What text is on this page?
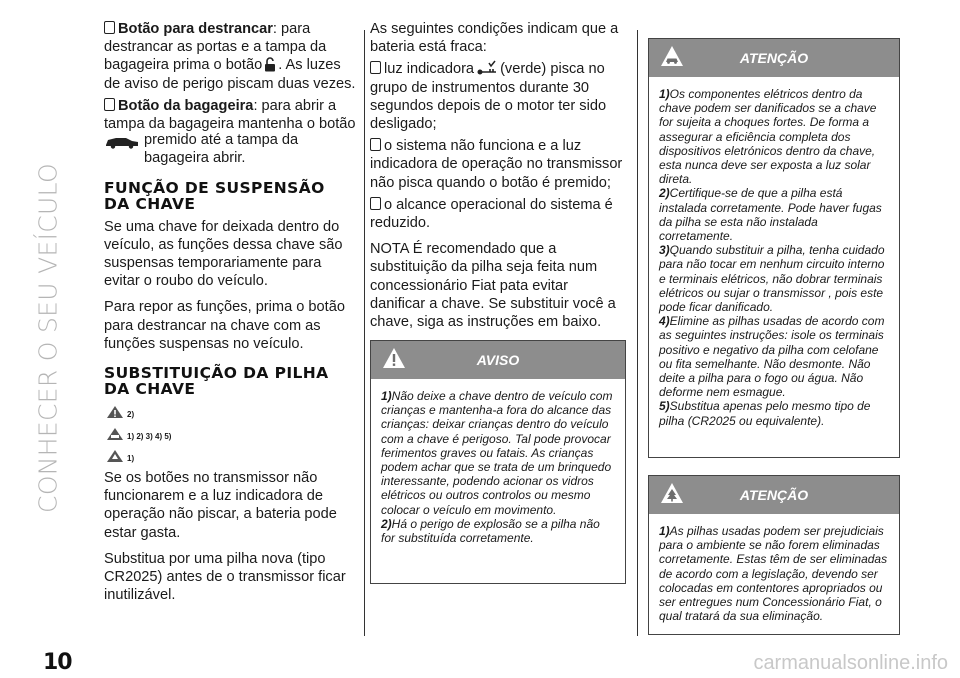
CONHECER O SEU VEÍCULO
10	carmanualsonline.info

Botão para destrancar: para destrancar as portas e a tampa da bagageira prima o botão . As luzes de aviso de perigo piscam duas vezes.

Botão da bagageira: para abrir a tampa da bagageira mantenha o botão
premido até a tampa da bagageira abrir.

FUNÇÃO DE SUSPENSÃO DA CHAVE

Se uma chave for deixada dentro do veículo, as funções dessa chave são suspensas temporariamente para evitar o roubo do veículo.

Para repor as funções, prima o botão para destrancar na chave com as funções suspensas no veículo.

SUBSTITUIÇÃO DA PILHA DA CHAVE
2)
1) 2) 3) 4) 5)
1)

Se os botões no transmissor não funcionarem e a luz indicadora de operação não piscar, a bateria pode estar gasta.

Substitua por uma pilha nova (tipo CR2025) antes de o transmissor ficar inutilizável.

As seguintes condições indicam que a bateria está fraca:

luz indicadora (verde) pisca no grupo de instrumentos durante 30 segundos depois de o motor ter sido desligado;

o sistema não funciona e a luz indicadora de operação no transmissor não pisca quando o botão é premido;

o alcance operacional do sistema é reduzido.

NOTA É recomendado que a substituição da pilha seja feita num concessionário Fiat pata evitar danificar a chave. Se substituir você a chave, siga as instruções em baixo.

AVISO
1)Não deixe a chave dentro de veículo com crianças e mantenha-a fora do alcance das crianças: deixar crianças dentro do veículo com a chave é perigoso. Tal pode provocar ferimentos graves ou fatais. As crianças podem achar que se trata de um brinquedo interessante, podendo acionar os vidros elétricos ou outros controlos ou mesmo colocar o veículo em movimento.
2)Há o perigo de explosão se a pilha não for substituída corretamente.
ATENÇÃO
1)Os componentes elétricos dentro da chave podem ser danificados se a chave for sujeita a choques fortes. De forma a assegurar a eficiência completa dos dispositivos eletrónicos dentro da chave, esta nunca deve ser exposta a luz solar direta.
2)Certifique-se de que a pilha está instalada corretamente. Pode haver fugas da pilha se esta não instalada corretamente.
3)Quando substituir a pilha, tenha cuidado para não tocar em nenhum circuito interno e terminais elétricos, não dobrar terminais elétricos ou sujar o transmissor , pois este pode ficar danificado.
4)Elimine as pilhas usadas de acordo com as seguintes instruções: isole os terminais positivo e negativo da pilha com celofane ou fita semelhante. Não desmonte. Não deite a pilha para o fogo ou água. Não deforme nem esmague.
5)Substitua apenas pelo mesmo tipo de pilha (CR2025 ou equivalente).
ATENÇÃO
1)As pilhas usadas podem ser prejudiciais para o ambiente se não forem eliminadas corretamente. Estas têm de ser eliminadas de acordo com a legislação, devendo ser colocadas em contentores apropriados ou ser entregues num Concessionário Fiat, o qual tratará da sua eliminação.
